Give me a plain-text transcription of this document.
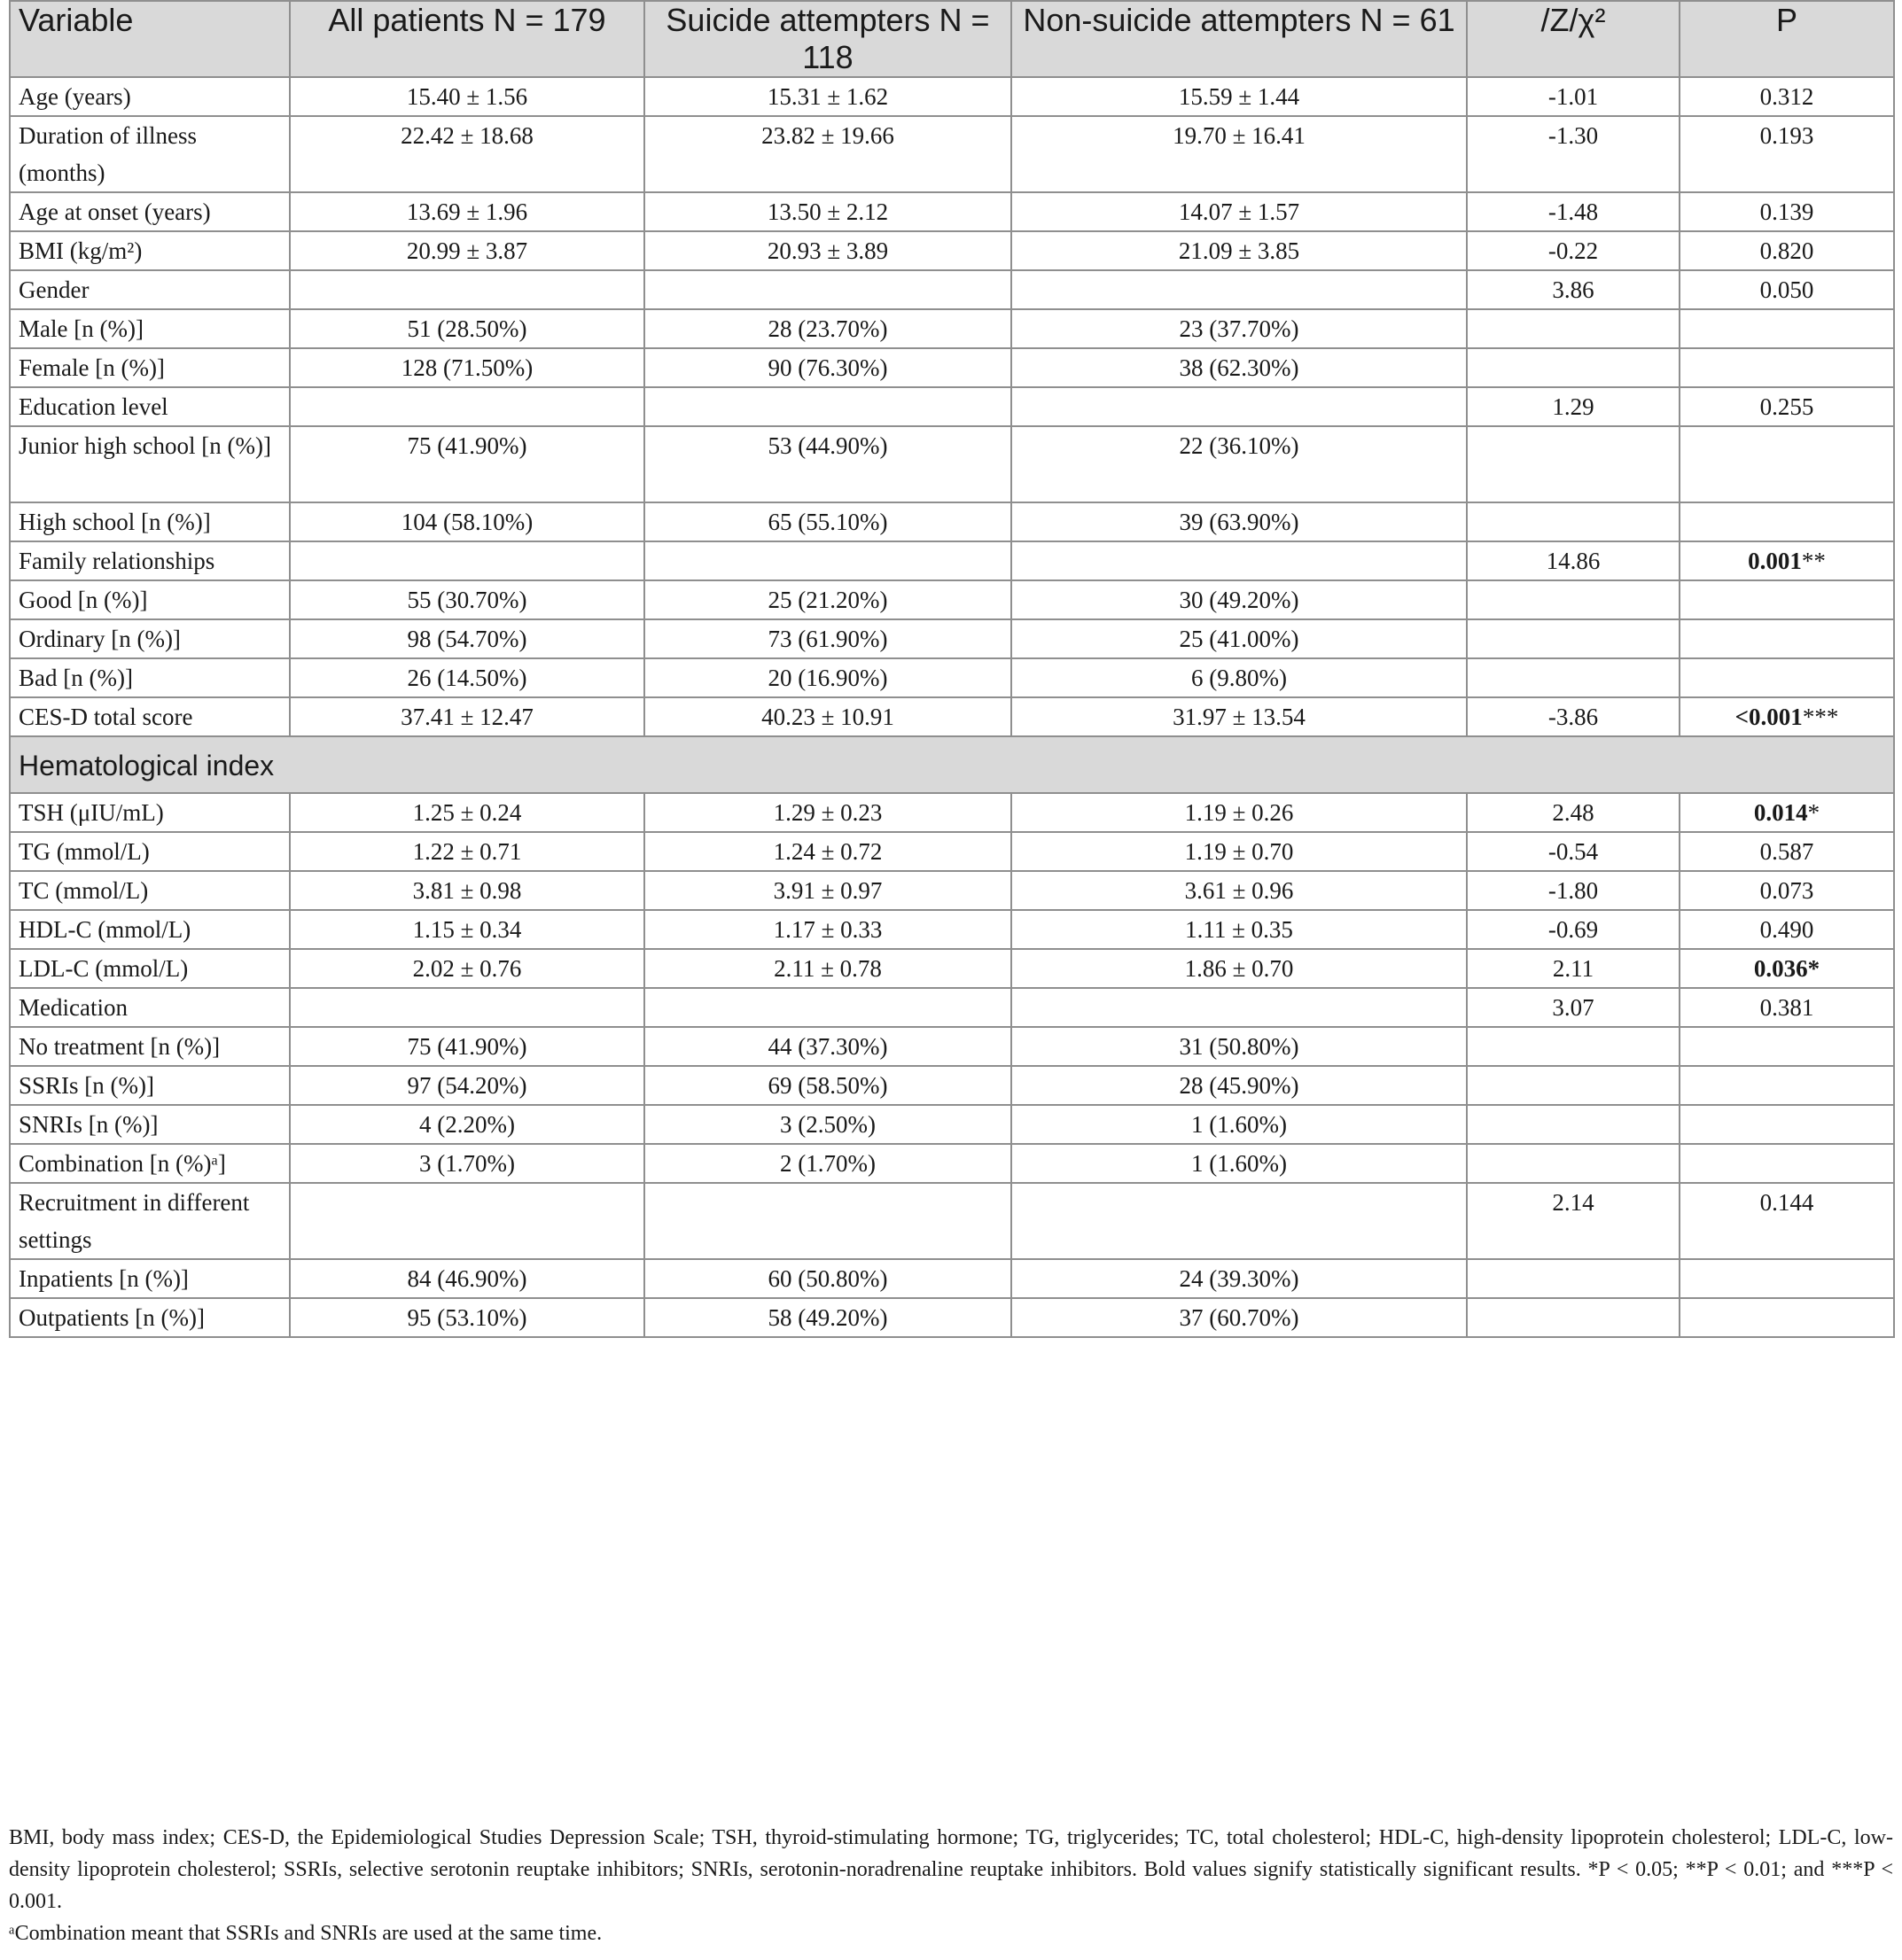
Variable	All patients N = 179	Suicide attempters N = 118	Non-suicide attempters N = 61	/Z/χ²	P
Age (years)	15.40 ± 1.56	15.31 ± 1.62	15.59 ± 1.44	-1.01	0.312
Duration of illness (months)	22.42 ± 18.68	23.82 ± 19.66	19.70 ± 16.41	-1.30	0.193
Age at onset (years)	13.69 ± 1.96	13.50 ± 2.12	14.07 ± 1.57	-1.48	0.139
BMI (kg/m²)	20.99 ± 3.87	20.93 ± 3.89	21.09 ± 3.85	-0.22	0.820
Gender				3.86	0.050
Male [n (%)]	51 (28.50%)	28 (23.70%)	23 (37.70%)		
Female [n (%)]	128 (71.50%)	90 (76.30%)	38 (62.30%)		
Education level				1.29	0.255
Junior high school [n (%)]	75 (41.90%)	53 (44.90%)	22 (36.10%)		
High school [n (%)]	104 (58.10%)	65 (55.10%)	39 (63.90%)		
Family relationships				14.86	0.001**
Good [n (%)]	55 (30.70%)	25 (21.20%)	30 (49.20%)		
Ordinary [n (%)]	98 (54.70%)	73 (61.90%)	25 (41.00%)		
Bad [n (%)]	26 (14.50%)	20 (16.90%)	6 (9.80%)		
CES-D total score	37.41 ± 12.47	40.23 ± 10.91	31.97 ± 13.54	-3.86	<0.001***
Hematological index					
TSH (μIU/mL)	1.25 ± 0.24	1.29 ± 0.23	1.19 ± 0.26	2.48	0.014*
TG (mmol/L)	1.22 ± 0.71	1.24 ± 0.72	1.19 ± 0.70	-0.54	0.587
TC (mmol/L)	3.81 ± 0.98	3.91 ± 0.97	3.61 ± 0.96	-1.80	0.073
HDL-C (mmol/L)	1.15 ± 0.34	1.17 ± 0.33	1.11 ± 0.35	-0.69	0.490
LDL-C (mmol/L)	2.02 ± 0.76	2.11 ± 0.78	1.86 ± 0.70	2.11	0.036*
Medication				3.07	0.381
No treatment [n (%)]	75 (41.90%)	44 (37.30%)	31 (50.80%)		
SSRIs [n (%)]	97 (54.20%)	69 (58.50%)	28 (45.90%)		
SNRIs [n (%)]	4 (2.20%)	3 (2.50%)	1 (1.60%)		
Combination [n (%)ᵃ]	3 (1.70%)	2 (1.70%)	1 (1.60%)		
Recruitment in different settings				2.14	0.144
Inpatients [n (%)]	84 (46.90%)	60 (50.80%)	24 (39.30%)		
Outpatients [n (%)]	95 (53.10%)	58 (49.20%)	37 (60.70%)		

BMI, body mass index; CES-D, the Epidemiological Studies Depression Scale; TSH, thyroid-stimulating hormone; TG, triglycerides; TC, total cholesterol; HDL-C, high-density lipoprotein cholesterol; LDL-C, low-density lipoprotein cholesterol; SSRIs, selective serotonin reuptake inhibitors; SNRIs, serotonin-noradrenaline reuptake inhibitors. Bold values signify statistically significant results. *P < 0.05; **P < 0.01; and ***P < 0.001.

ᵃCombination meant that SSRIs and SNRIs are used at the same time.
